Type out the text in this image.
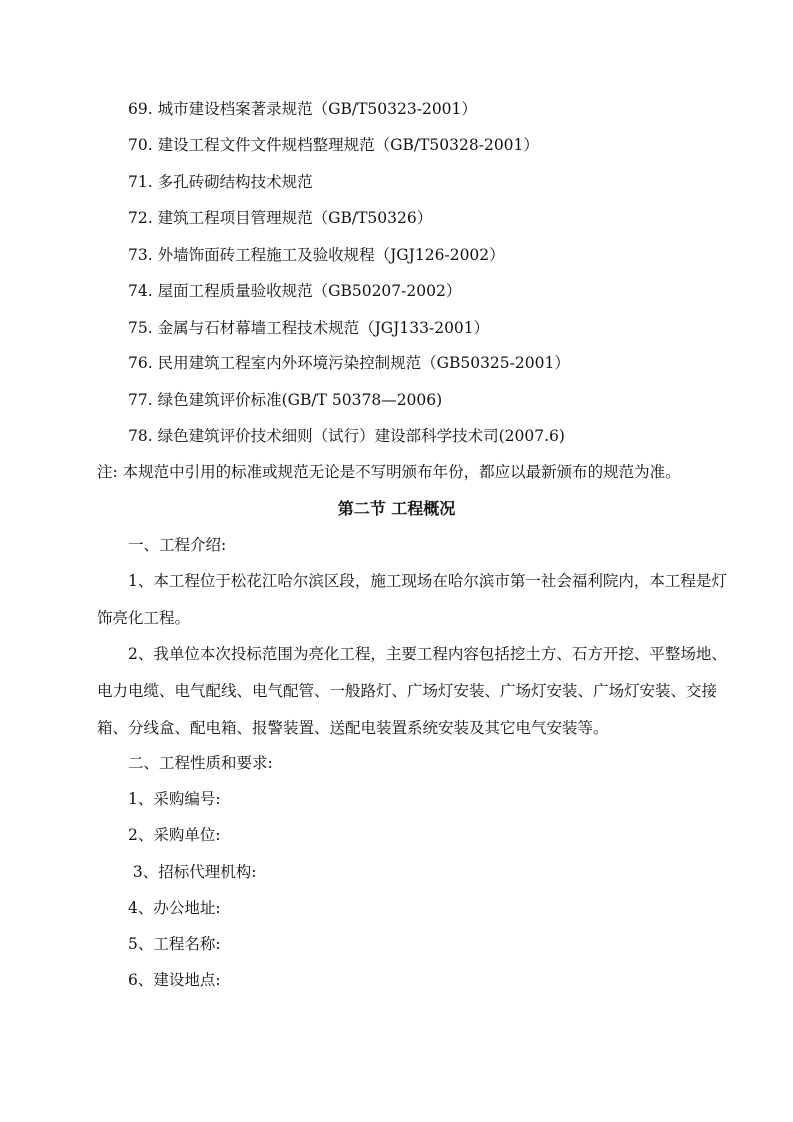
69. 城市建设档案著录规范（GB/T50323-2001）
70. 建设工程文件文件规档整理规范（GB/T50328-2001）
71. 多孔砖砌结构技术规范
72. 建筑工程项目管理规范（GB/T50326）
73. 外墙饰面砖工程施工及验收规程（JGJ126-2002）
74. 屋面工程质量验收规范（GB50207-2002）
75. 金属与石材幕墙工程技术规范（JGJ133-2001）
76. 民用建筑工程室内外环境污染控制规范（GB50325-2001）
77. 绿色建筑评价标准(GB/T 50378—2006)
78. 绿色建筑评价技术细则（试行）建设部科学技术司(2007.6)
注: 本规范中引用的标准或规范无论是不写明颁布年份，都应以最新颁布的规范为准。
第二节 工程概况
一、工程介绍:
1、本工程位于松花江哈尔滨区段，施工现场在哈尔滨市第一社会福利院内，本工程是灯饰亮化工程。
2、我单位本次投标范围为亮化工程，主要工程内容包括挖土方、石方开挖、平整场地、电力电缆、电气配线、电气配管、一般路灯、广场灯安装、广场灯安装、广场灯安装、交接箱、分线盒、配电箱、报警装置、送配电装置系统安装及其它电气安装等。
二、工程性质和要求:
1、采购编号:
2、采购单位:
3、招标代理机构:
4、办公地址:
5、工程名称:
6、建设地点:
